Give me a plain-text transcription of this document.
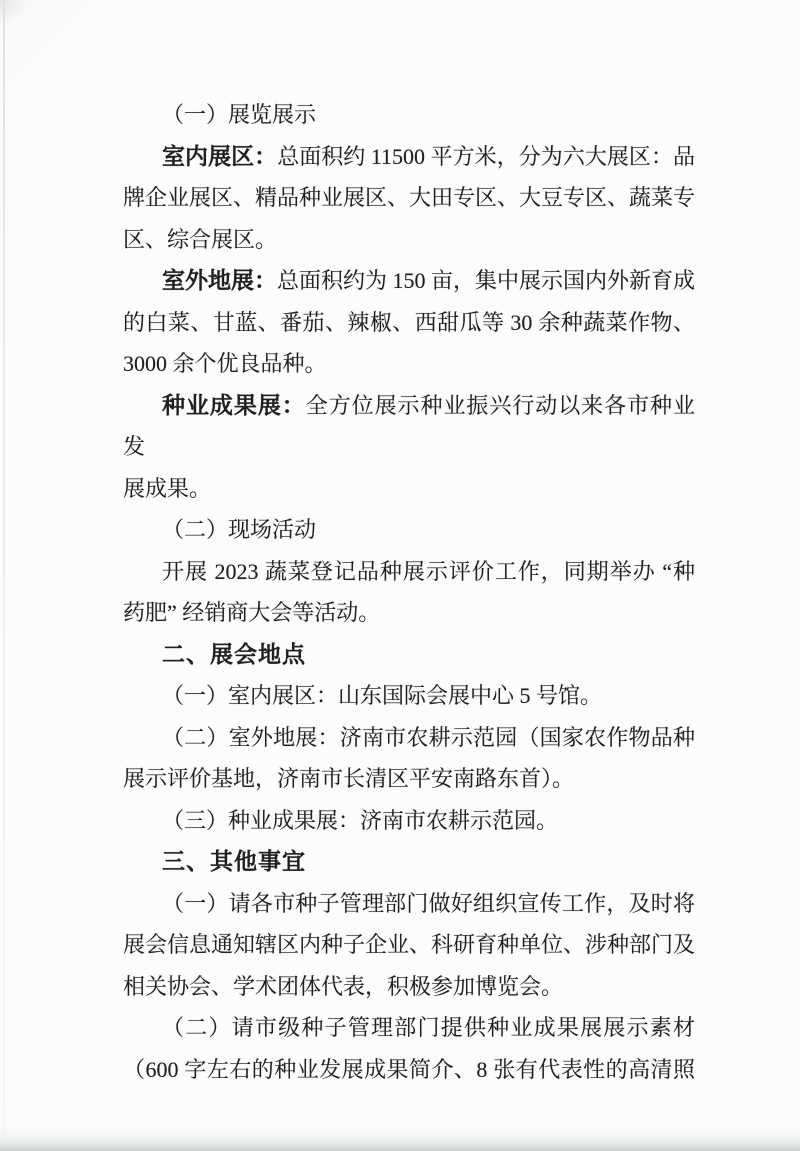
（一）展览展示
室内展区：总面积约 11500 平方米，分为六大展区：品
牌企业展区、精品种业展区、大田专区、大豆专区、蔬菜专
区、综合展区。
室外地展：总面积约为 150 亩，集中展示国内外新育成
的白菜、甘蓝、番茄、辣椒、西甜瓜等 30 余种蔬菜作物、
3000 余个优良品种。
种业成果展：全方位展示种业振兴行动以来各市种业发
展成果。
（二）现场活动
开展 2023 蔬菜登记品种展示评价工作，同期举办 “种
药肥” 经销商大会等活动。
二、展会地点
（一）室内展区：山东国际会展中心 5 号馆。
（二）室外地展：济南市农耕示范园（国家农作物品种
展示评价基地，济南市长清区平安南路东首）。
（三）种业成果展：济南市农耕示范园。
三、其他事宜
（一）请各市种子管理部门做好组织宣传工作，及时将
展会信息通知辖区内种子企业、科研育种单位、涉种部门及
相关协会、学术团体代表，积极参加博览会。
（二）请市级种子管理部门提供种业成果展展示素材
（600 字左右的种业发展成果简介、8 张有代表性的高清照
